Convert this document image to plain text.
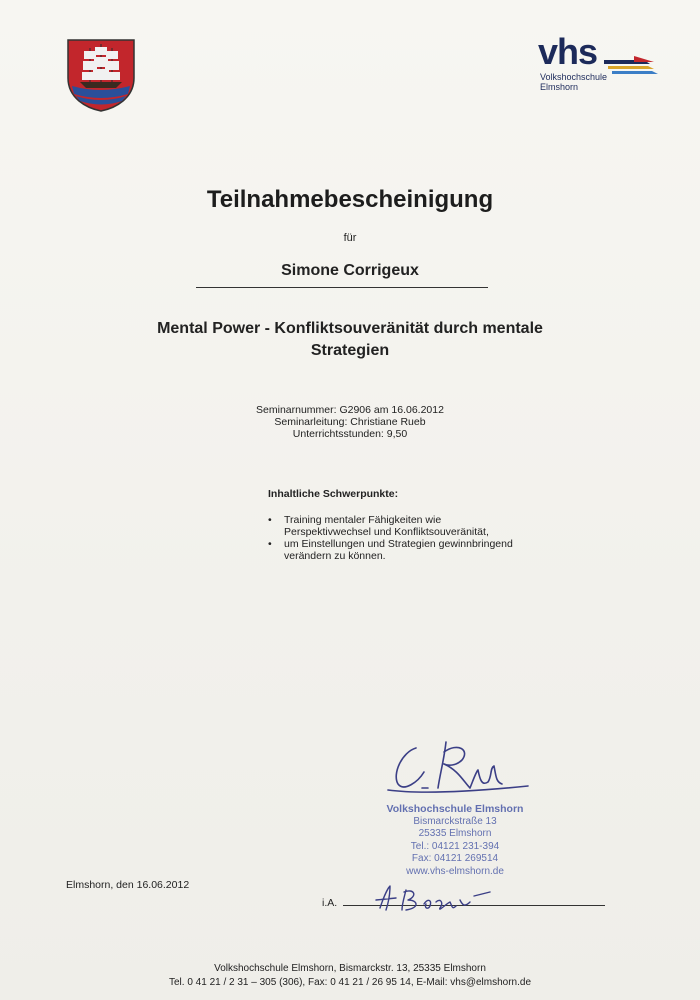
vhs
Volkshochschule
Elmshorn
Teilnahmebescheinigung
für
Simone Corrigeux
Mental Power - Konfliktsouveränität durch mentale
Strategien
Seminarnummer: G2906 am 16.06.2012
Seminarleitung: Christiane Rueb
Unterrichtsstunden: 9,50
Inhaltliche Schwerpunkte:
• Training mentaler Fähigkeiten wie
Perspektivwechsel und Konfliktsouveränität,
• um Einstellungen und Strategien gewinnbringend
verändern zu können.
Volkshochschule Elmshorn
Bismarckstraße 13
25335 Elmshorn
Tel.: 04121 231-394
Fax: 04121 269514
www.vhs-elmshorn.de
Elmshorn, den 16.06.2012
i.A.
Volkshochschule Elmshorn, Bismarckstr. 13, 25335 Elmshorn
Tel. 0 41 21 / 2 31 – 305 (306), Fax: 0 41 21 / 26 95 14, E-Mail: vhs@elmshorn.de
